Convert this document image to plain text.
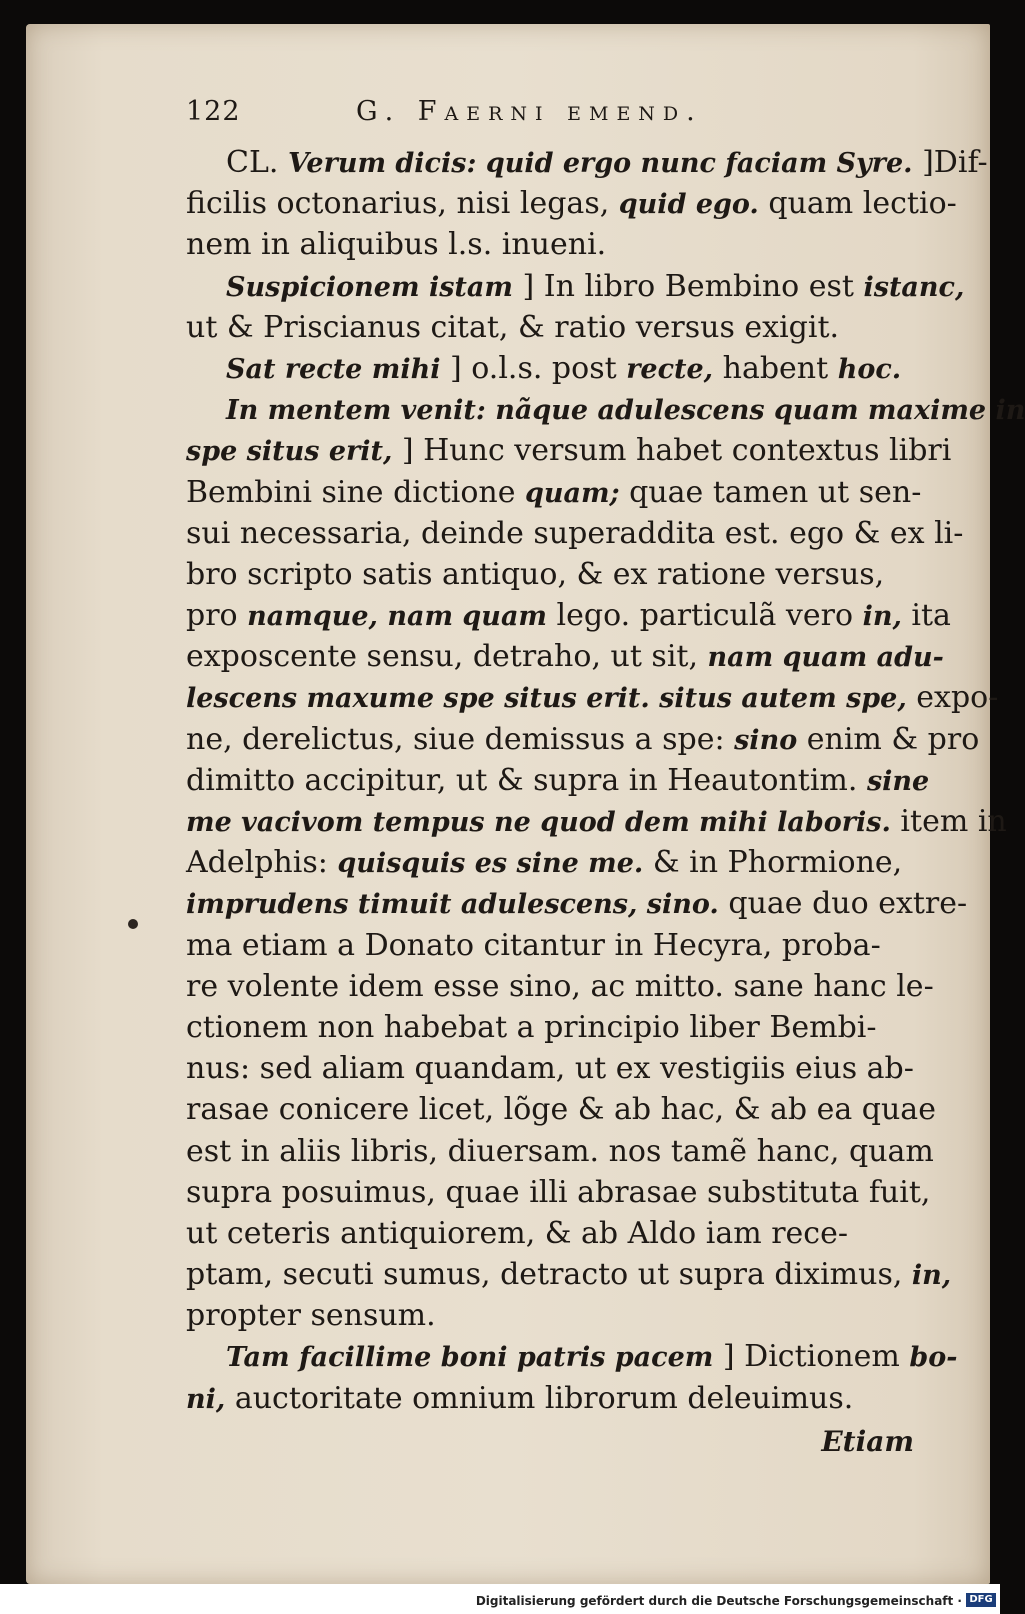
122	G. Faerni emend.
CL. Verum dicis: quid ergo nunc faciam Syre. ]Dif-
ficilis octonarius, nisi legas, quid ego. quam lectio-
nem in aliquibus l.s. inueni.
Suspicionem istam ] In libro Bembino est istanc,
ut & Priscianus citat, & ratio versus exigit.
Sat recte mihi ] o.l.s. post recte, habent hoc.
In mentem venit: nãque adulescens quam maxime in
spe situs erit, ] Hunc versum habet contextus libri
Bembini sine dictione quam; quae tamen ut sen-
sui necessaria, deinde superaddita est. ego & ex li-
bro scripto satis antiquo, & ex ratione versus,
pro namque, nam quam lego. particulã vero in, ita
exposcente sensu, detraho, ut sit, nam quam adu-
lescens maxume spe situs erit. situs autem spe, expo-
ne, derelictus, siue demissus a spe: sino enim & pro
dimitto accipitur, ut & supra in Heautontim. sine
me vacivom tempus ne quod dem mihi laboris. item in
Adelphis: quisquis es sine me. & in Phormione,
imprudens timuit adulescens, sino. quae duo extre-
ma etiam a Donato citantur in Hecyra, proba-
re volente idem esse sino, ac mitto. sane hanc le-
ctionem non habebat a principio liber Bembi-
nus: sed aliam quandam, ut ex vestigiis eius ab-
rasae conicere licet, lõge & ab hac, & ab ea quae
est in aliis libris, diuersam. nos tamẽ hanc, quam
supra posuimus, quae illi abrasae substituta fuit,
ut ceteris antiquiorem, & ab Aldo iam rece-
ptam, secuti sumus, detracto ut supra diximus, in,
propter sensum.
Tam facillime boni patris pacem ] Dictionem bo-
ni, auctoritate omnium librorum deleuimus.
Etiam
Digitalisierung gefördert durch die Deutsche Forschungsgemeinschaft · DFG
